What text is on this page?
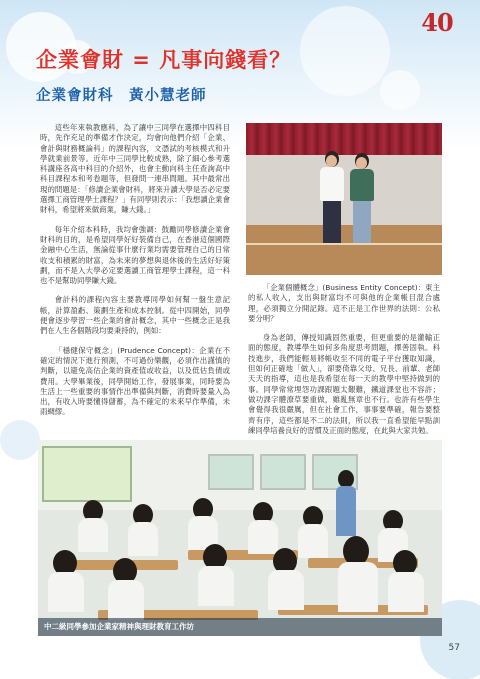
40
企業會財 = 凡事向錢看？
企業會財科　黃小慧老師

這些年來執教應科，為了讓中三同學在選擇中四科目時，先作充足的準備才作決定，均會向他們介紹「企業、會計與財務概論科」的課程內容，文憑試的考核模式和升學就業前景等。近年中三同學比較成熟，除了細心參考選科講座各高中科目的介紹外，也會主動向科主任查詢高中科目課程本和考卷題等，但發問一連串問題。其中最常出現的問題是：「修讀企業會財科，將來升讀大學是否必定要選擇工商管理學士課程？」有同學則表示：「我想讀企業會財科，希望將來做商業，賺大錢。」

每年介紹本科時，我均會強調：鼓勵同學修讀企業會財科的目的，是希望同學好好裝備自己，在香港這個國際金融中心生活，無論從事什麼行業均需要管理自己的日常收支和積累的財富，為未來的夢想與退休後的生活好好策劃，而不是入大學必定要選讀工商管理學士課程，這一科也不是幫助同學賺大錢。

會計科的課程內容主要教導同學如何幫一盤生意記帳，計算盈虧、策劃生產和成本控制。從中四開始，同學便會逐步學習一些企業的會計概念，其中一些概念正是我們在人生各個階段均要秉持的，例如：

「穩健保守概念」(Prudence Concept)：企業在不確定的情況下進行預測，不可過份樂觀，必須作出謹慎的判斷，以避免高估企業的資產值或收益，以及低估負債或費用。大學畢業後，同學開始工作，發展事業，同時要為生活上一些重要的事情作出準備與判斷，消費時要量入為出，有收入時要懂得儲蓄，為不確定的未來早作準備，未雨綢繆。

「企業個體概念」(Business Entity Concept)：東主的私人收入，支出與財富均不可與他的企業帳目混合處理，必須獨立分開記錄。這不正是工作世界的法則：公私要分明？

身為老師，傳授知識固然重要，但更重要的是灌輸正面的態度，教導學生如何多角度思考問題，擇善固執。科技進步，我們能輕易將帳收至不同的電子平台獲取知識，但如何正確地「做人」，卻要倚靠父母、兄長、前輩、老師天天的指導，這也是我希望在每一天的教學中堅持做到的事。同學常常埋怨功課跟題太艱難，鐵道課堂也不容許；做功課字體潦草要重做，雖亂無章也不行。也許有些學生會覺得我很嚴厲，但在社會工作，事事要準確，報告要整齊有序，這些都是不二的法則，所以我一直希望能早點訓練同學培養良好的習慣及正面的態度，在此與大家共勉。

中二級同學參加企業家精神與理財教育工作坊
57
